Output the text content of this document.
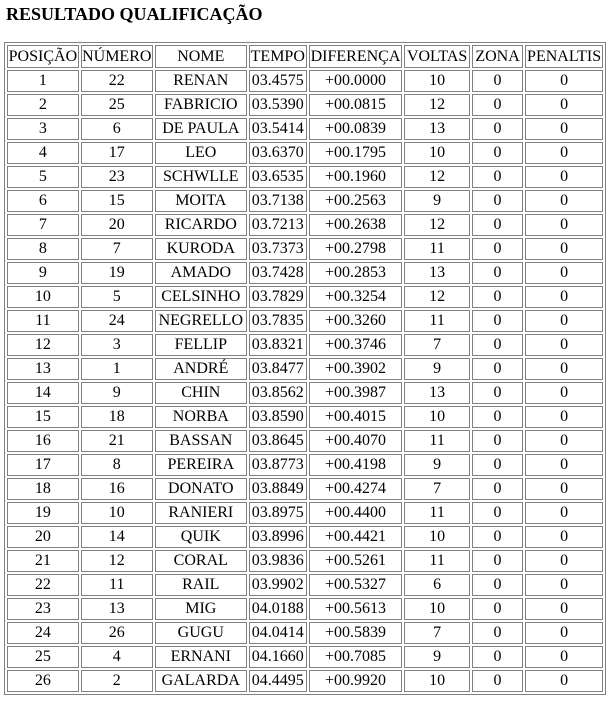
RESULTADO QUALIFICAÇÃO
POSIÇÃO	NÚMERO	NOME	TEMPO	DIFERENÇA	VOLTAS	ZONA	PENALTIS
1	22	RENAN	03.4575	+00.0000	10	0	0
2	25	FABRICIO	03.5390	+00.0815	12	0	0
3	6	DE PAULA	03.5414	+00.0839	13	0	0
4	17	LEO	03.6370	+00.1795	10	0	0
5	23	SCHWLLE	03.6535	+00.1960	12	0	0
6	15	MOITA	03.7138	+00.2563	9	0	0
7	20	RICARDO	03.7213	+00.2638	12	0	0
8	7	KURODA	03.7373	+00.2798	11	0	0
9	19	AMADO	03.7428	+00.2853	13	0	0
10	5	CELSINHO	03.7829	+00.3254	12	0	0
11	24	NEGRELLO	03.7835	+00.3260	11	0	0
12	3	FELLIP	03.8321	+00.3746	7	0	0
13	1	ANDRÉ	03.8477	+00.3902	9	0	0
14	9	CHIN	03.8562	+00.3987	13	0	0
15	18	NORBA	03.8590	+00.4015	10	0	0
16	21	BASSAN	03.8645	+00.4070	11	0	0
17	8	PEREIRA	03.8773	+00.4198	9	0	0
18	16	DONATO	03.8849	+00.4274	7	0	0
19	10	RANIERI	03.8975	+00.4400	11	0	0
20	14	QUIK	03.8996	+00.4421	10	0	0
21	12	CORAL	03.9836	+00.5261	11	0	0
22	11	RAIL	03.9902	+00.5327	6	0	0
23	13	MIG	04.0188	+00.5613	10	0	0
24	26	GUGU	04.0414	+00.5839	7	0	0
25	4	ERNANI	04.1660	+00.7085	9	0	0
26	2	GALARDA	04.4495	+00.9920	10	0	0
